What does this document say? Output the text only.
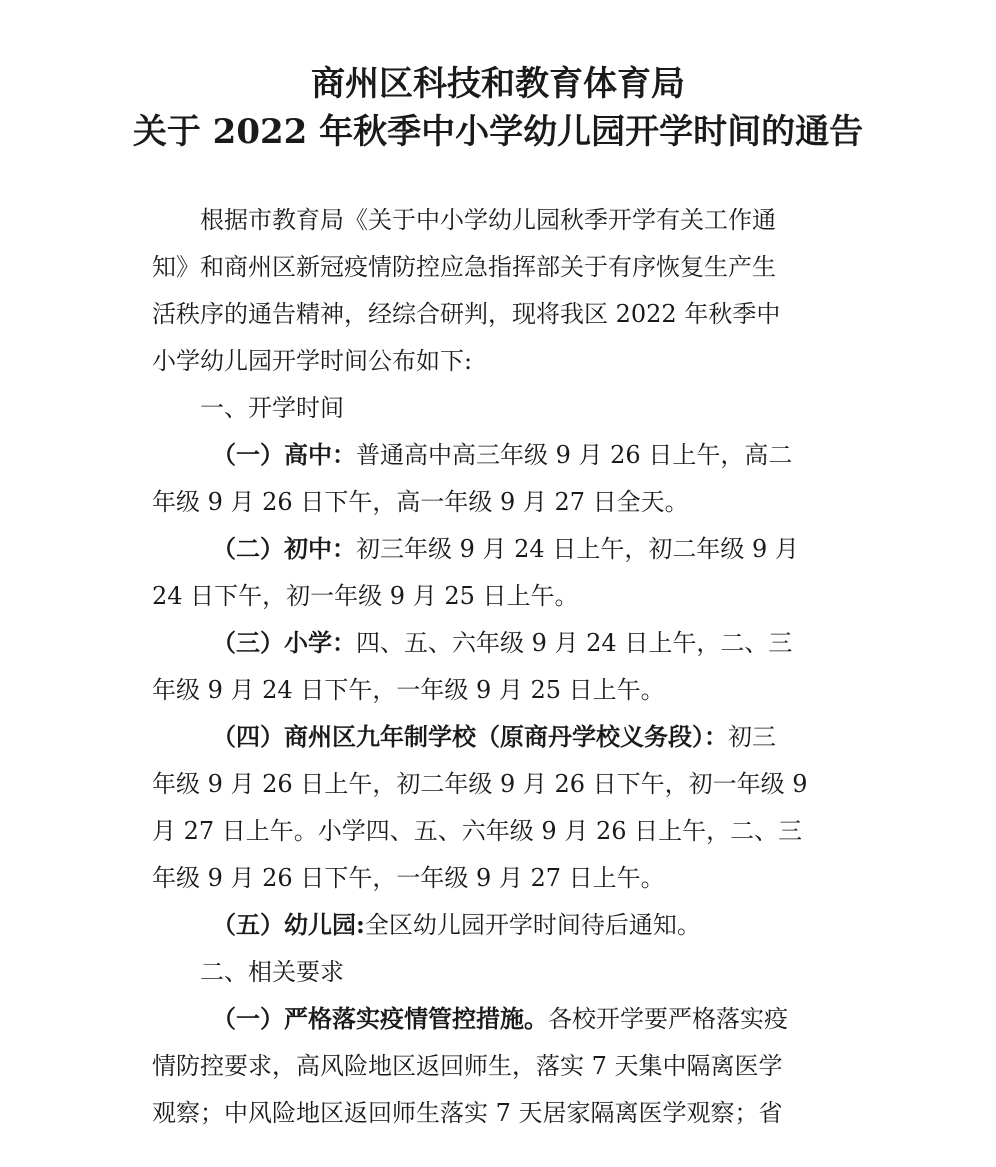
商州区科技和教育体育局
关于 2022 年秋季中小学幼儿园开学时间的通告
根据市教育局《关于中小学幼儿园秋季开学有关工作通
知》和商州区新冠疫情防控应急指挥部关于有序恢复生产生
活秩序的通告精神，经综合研判，现将我区 2022 年秋季中
小学幼儿园开学时间公布如下:
一、开学时间
（一）高中：普通高中高三年级 9 月 26 日上午，高二
年级 9 月 26 日下午，高一年级 9 月 27 日全天。
（二）初中：初三年级 9 月 24 日上午，初二年级 9 月
24 日下午，初一年级 9 月 25 日上午。
（三）小学：四、五、六年级 9 月 24 日上午，二、三
年级 9 月 24 日下午，一年级 9 月 25 日上午。
（四）商州区九年制学校（原商丹学校义务段）：初三
年级 9 月 26 日上午，初二年级 9 月 26 日下午，初一年级 9
月 27 日上午。小学四、五、六年级 9 月 26 日上午，二、三
年级 9 月 26 日下午，一年级 9 月 27 日上午。
（五）幼儿园:全区幼儿园开学时间待后通知。
二、相关要求
（一）严格落实疫情管控措施。各校开学要严格落实疫
情防控要求，高风险地区返回师生，落实 7 天集中隔离医学
观察；中风险地区返回师生落实 7 天居家隔离医学观察；省
